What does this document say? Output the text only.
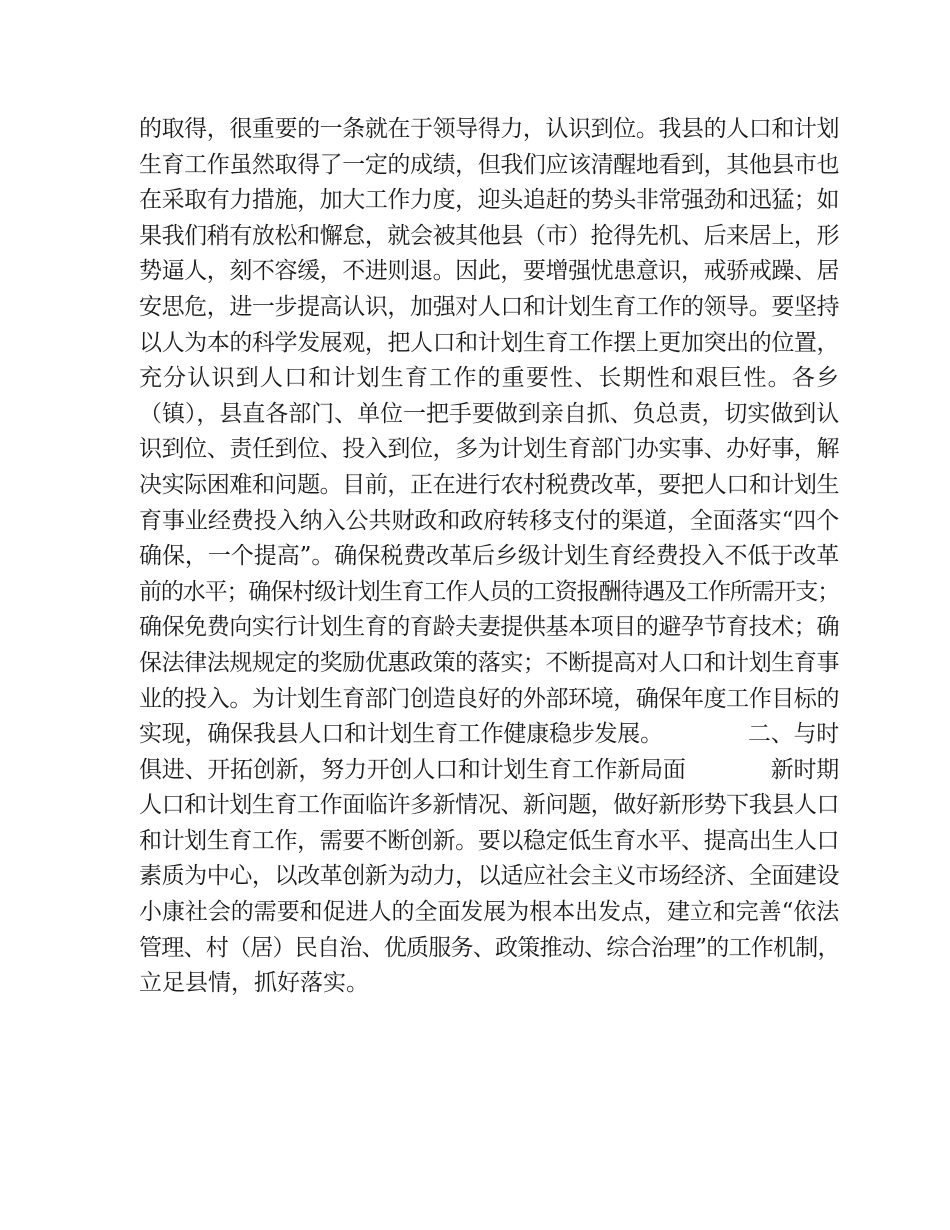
的取得，很重要的一条就在于领导得力，认识到位。我县的人口和计划
生育工作虽然取得了一定的成绩，但我们应该清醒地看到，其他县市也
在采取有力措施，加大工作力度，迎头追赶的势头非常强劲和迅猛；如
果我们稍有放松和懈怠，就会被其他县（市）抢得先机、后来居上，形
势逼人，刻不容缓，不进则退。因此，要增强忧患意识，戒骄戒躁、居
安思危，进一步提高认识，加强对人口和计划生育工作的领导。要坚持
以人为本的科学发展观，把人口和计划生育工作摆上更加突出的位置，
充分认识到人口和计划生育工作的重要性、长期性和艰巨性。各乡
（镇），县直各部门、单位一把手要做到亲自抓、负总责，切实做到认
识到位、责任到位、投入到位，多为计划生育部门办实事、办好事，解
决实际困难和问题。目前，正在进行农村税费改革，要把人口和计划生
育事业经费投入纳入公共财政和政府转移支付的渠道，全面落实“四个
确保，一个提高”。确保税费改革后乡级计划生育经费投入不低于改革
前的水平；确保村级计划生育工作人员的工资报酬待遇及工作所需开支；
确保免费向实行计划生育的育龄夫妻提供基本项目的避孕节育技术；确
保法律法规规定的奖励优惠政策的落实；不断提高对人口和计划生育事
业的投入。为计划生育部门创造良好的外部环境，确保年度工作目标的
实现，确保我县人口和计划生育工作健康稳步发展。            二、与时
俱进、开拓创新，努力开创人口和计划生育工作新局面            新时期
人口和计划生育工作面临许多新情况、新问题，做好新形势下我县人口
和计划生育工作，需要不断创新。要以稳定低生育水平、提高出生人口
素质为中心，以改革创新为动力，以适应社会主义市场经济、全面建设
小康社会的需要和促进人的全面发展为根本出发点，建立和完善“依法
管理、村（居）民自治、优质服务、政策推动、综合治理”的工作机制，
立足县情，抓好落实。
